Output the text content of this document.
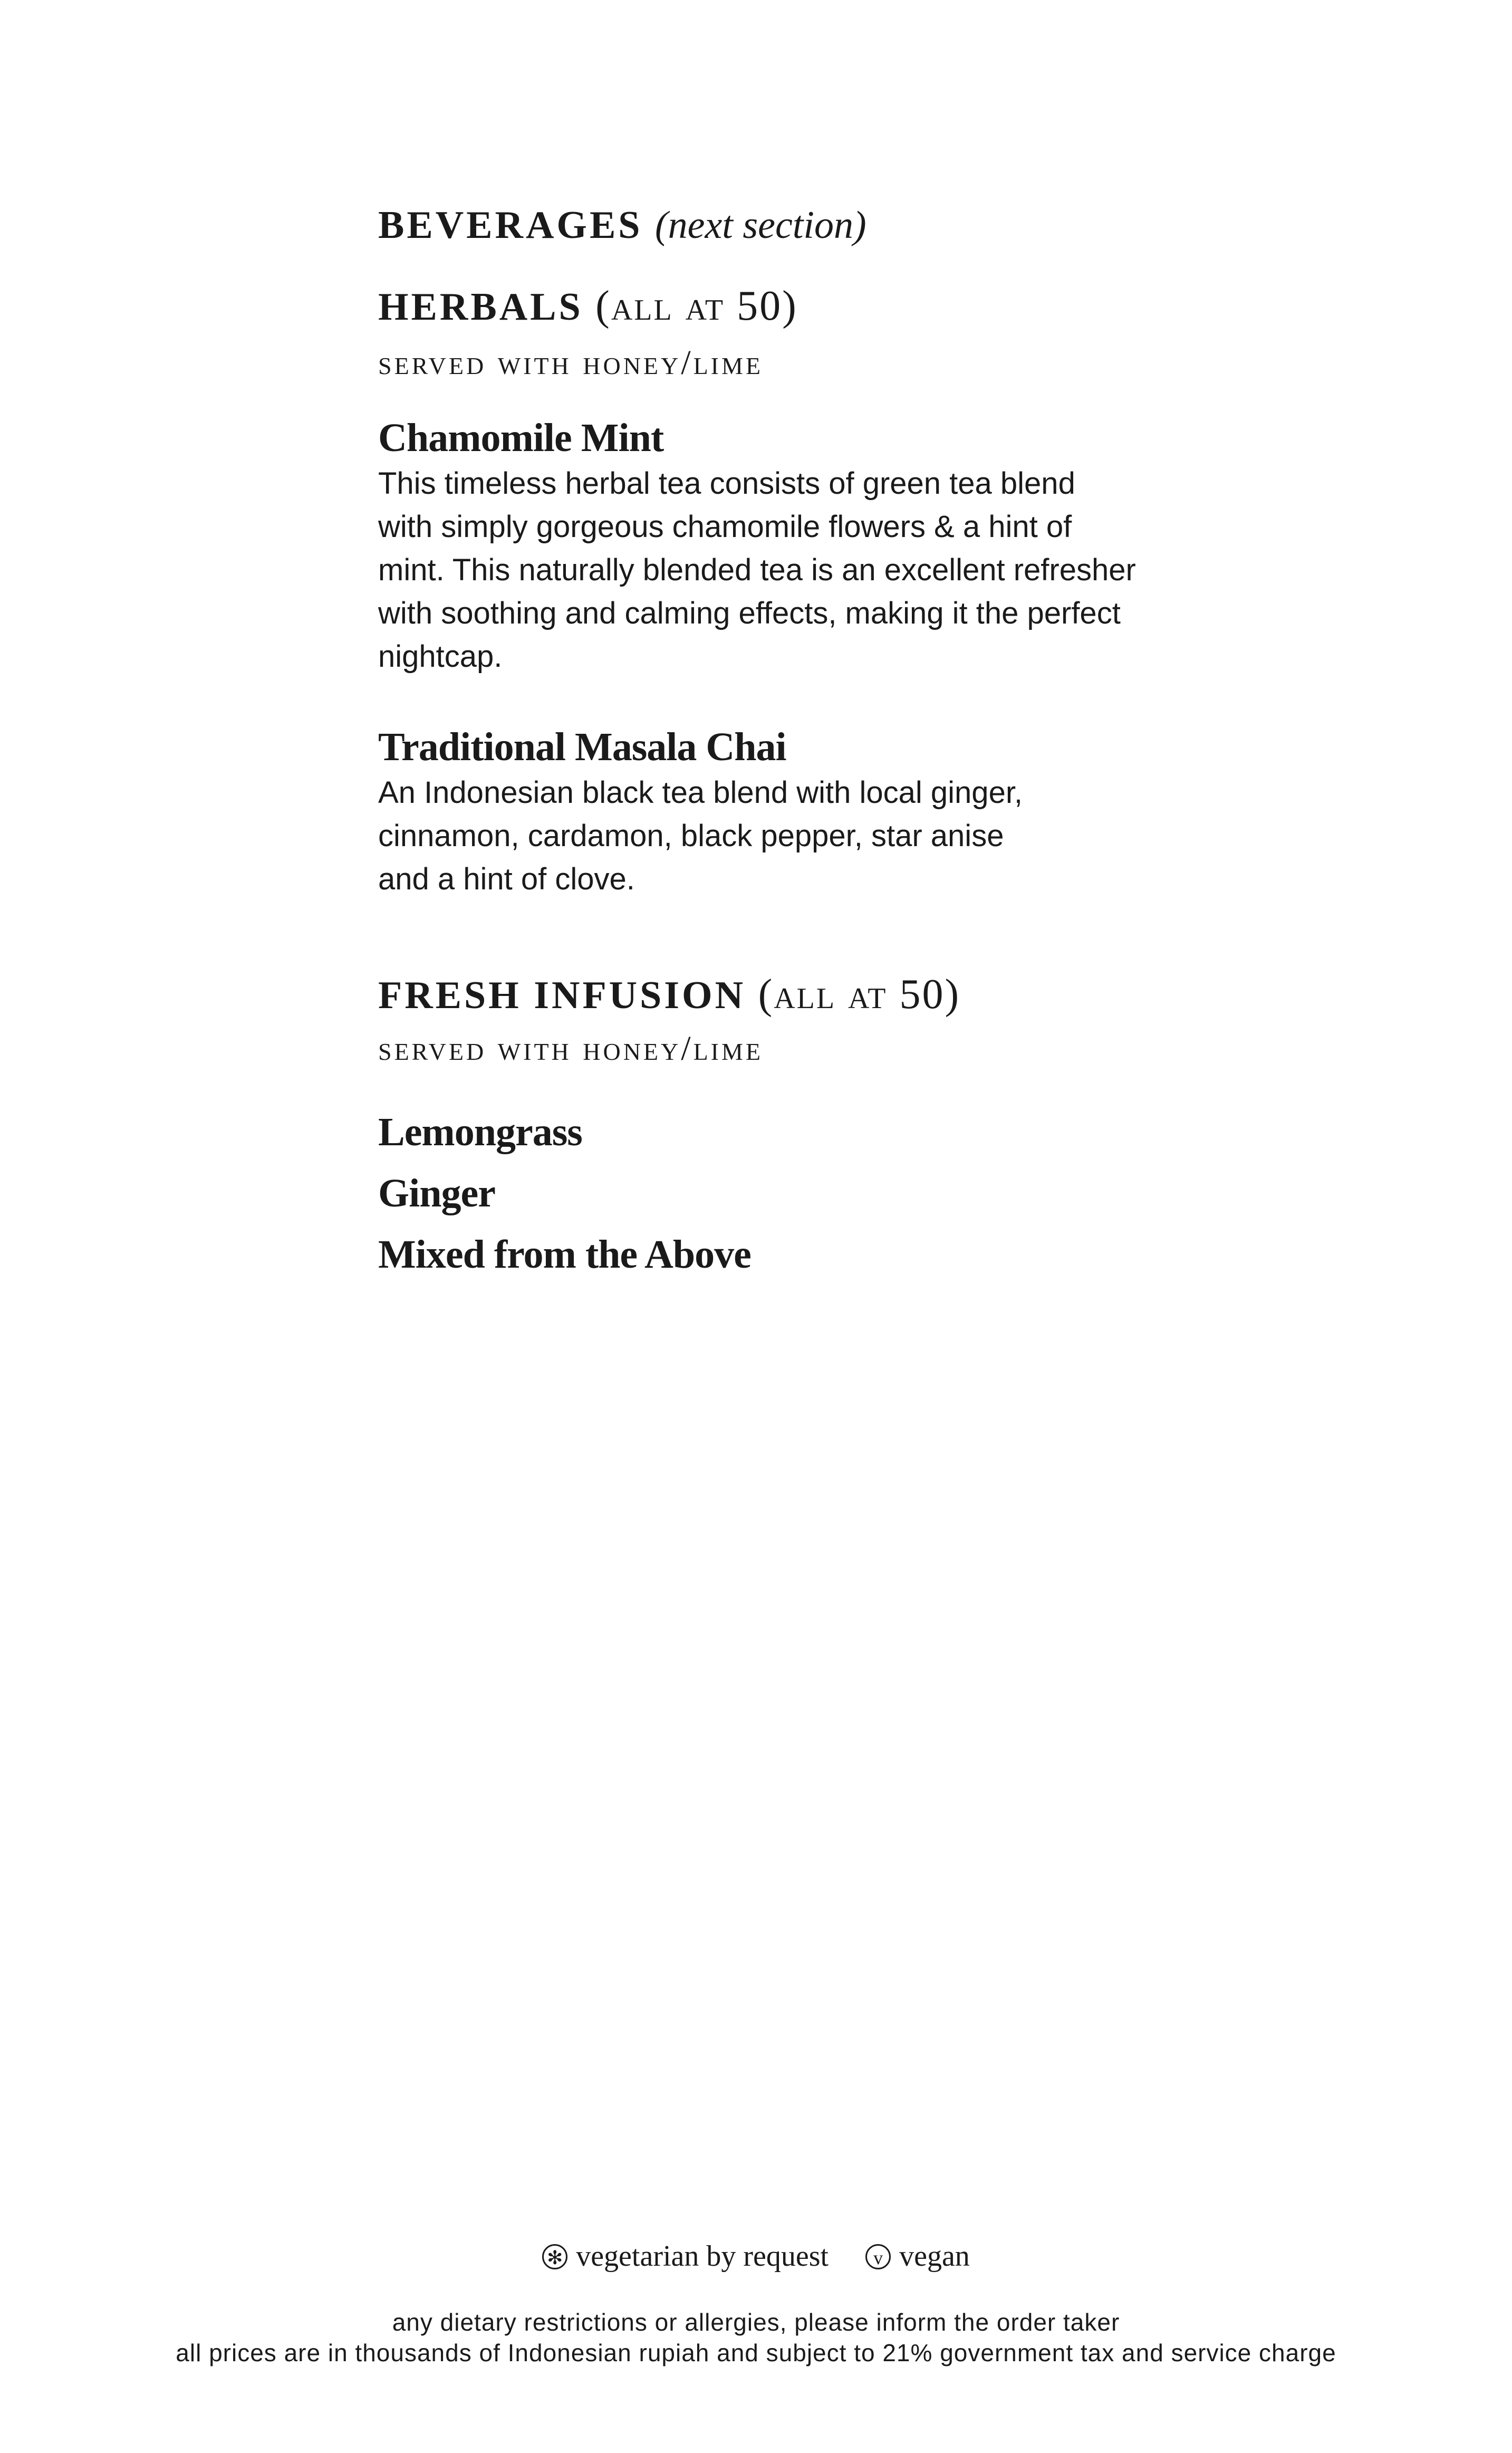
BEVERAGES (next section)
HERBALS (all at 50)
served with honey/lime
Chamomile Mint
This timeless herbal tea consists of green tea blend
with simply gorgeous chamomile flowers & a hint of
mint. This naturally blended tea is an excellent refresher
with soothing and calming effects, making it the perfect
nightcap.
Traditional Masala Chai
An Indonesian black tea blend with local ginger,
cinnamon, cardamon, black pepper, star anise
and a hint of clove.
FRESH INFUSION (all at 50)
served with honey/lime
Lemongrass
Ginger
Mixed from the Above
✻ vegetarian by request v vegan
any dietary restrictions or allergies, please inform the order taker
all prices are in thousands of Indonesian rupiah and subject to 21% government tax and service charge
